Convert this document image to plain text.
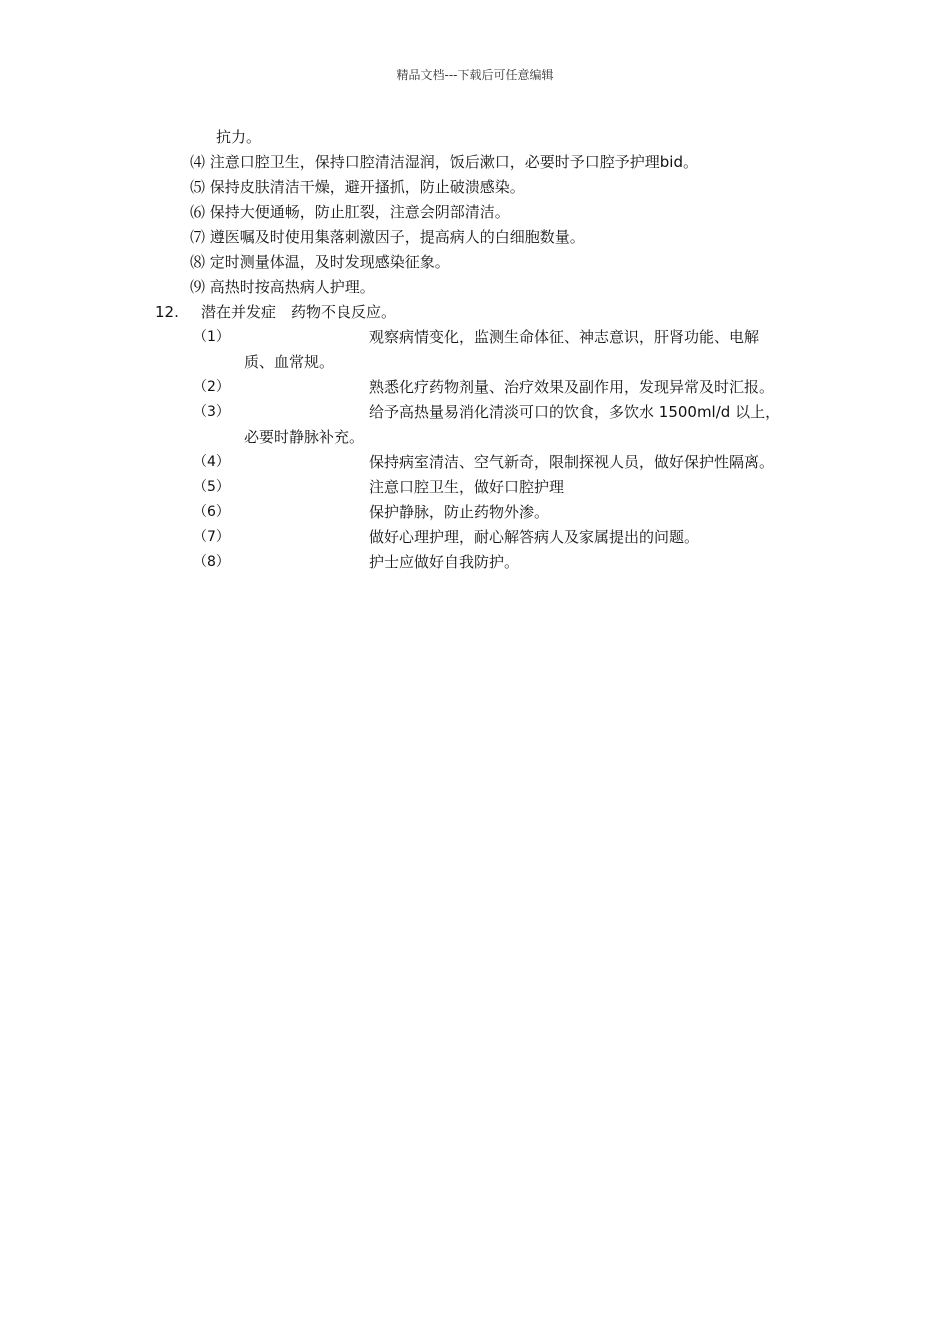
精品文档---下载后可任意编辑
抗力。
⑷ 注意口腔卫生，保持口腔清洁湿润，饭后漱口，必要时予口腔予护理bid。
⑸ 保持皮肤清洁干燥，避开搔抓，防止破溃感染。
⑹ 保持大便通畅，防止肛裂，注意会阴部清洁。
⑺ 遵医嘱及时使用集落刺激因子，提高病人的白细胞数量。
⑻ 定时测量体温，及时发现感染征象。
⑼ 高热时按高热病人护理。
12. 潜在并发症　药物不良反应。
（1）	观察病情变化，监测生命体征、神志意识，肝肾功能、电解
质、血常规。
（2）	熟悉化疗药物剂量、治疗效果及副作用，发现异常及时汇报。
（3）	给予高热量易消化清淡可口的饮食，多饮水 1500ml/d 以上，
必要时静脉补充。
（4）	保持病室清洁、空气新奇，限制探视人员，做好保护性隔离。
（5）	注意口腔卫生，做好口腔护理
（6）	保护静脉，防止药物外渗。
（7）	做好心理护理，耐心解答病人及家属提出的问题。
（8）	护士应做好自我防护。
